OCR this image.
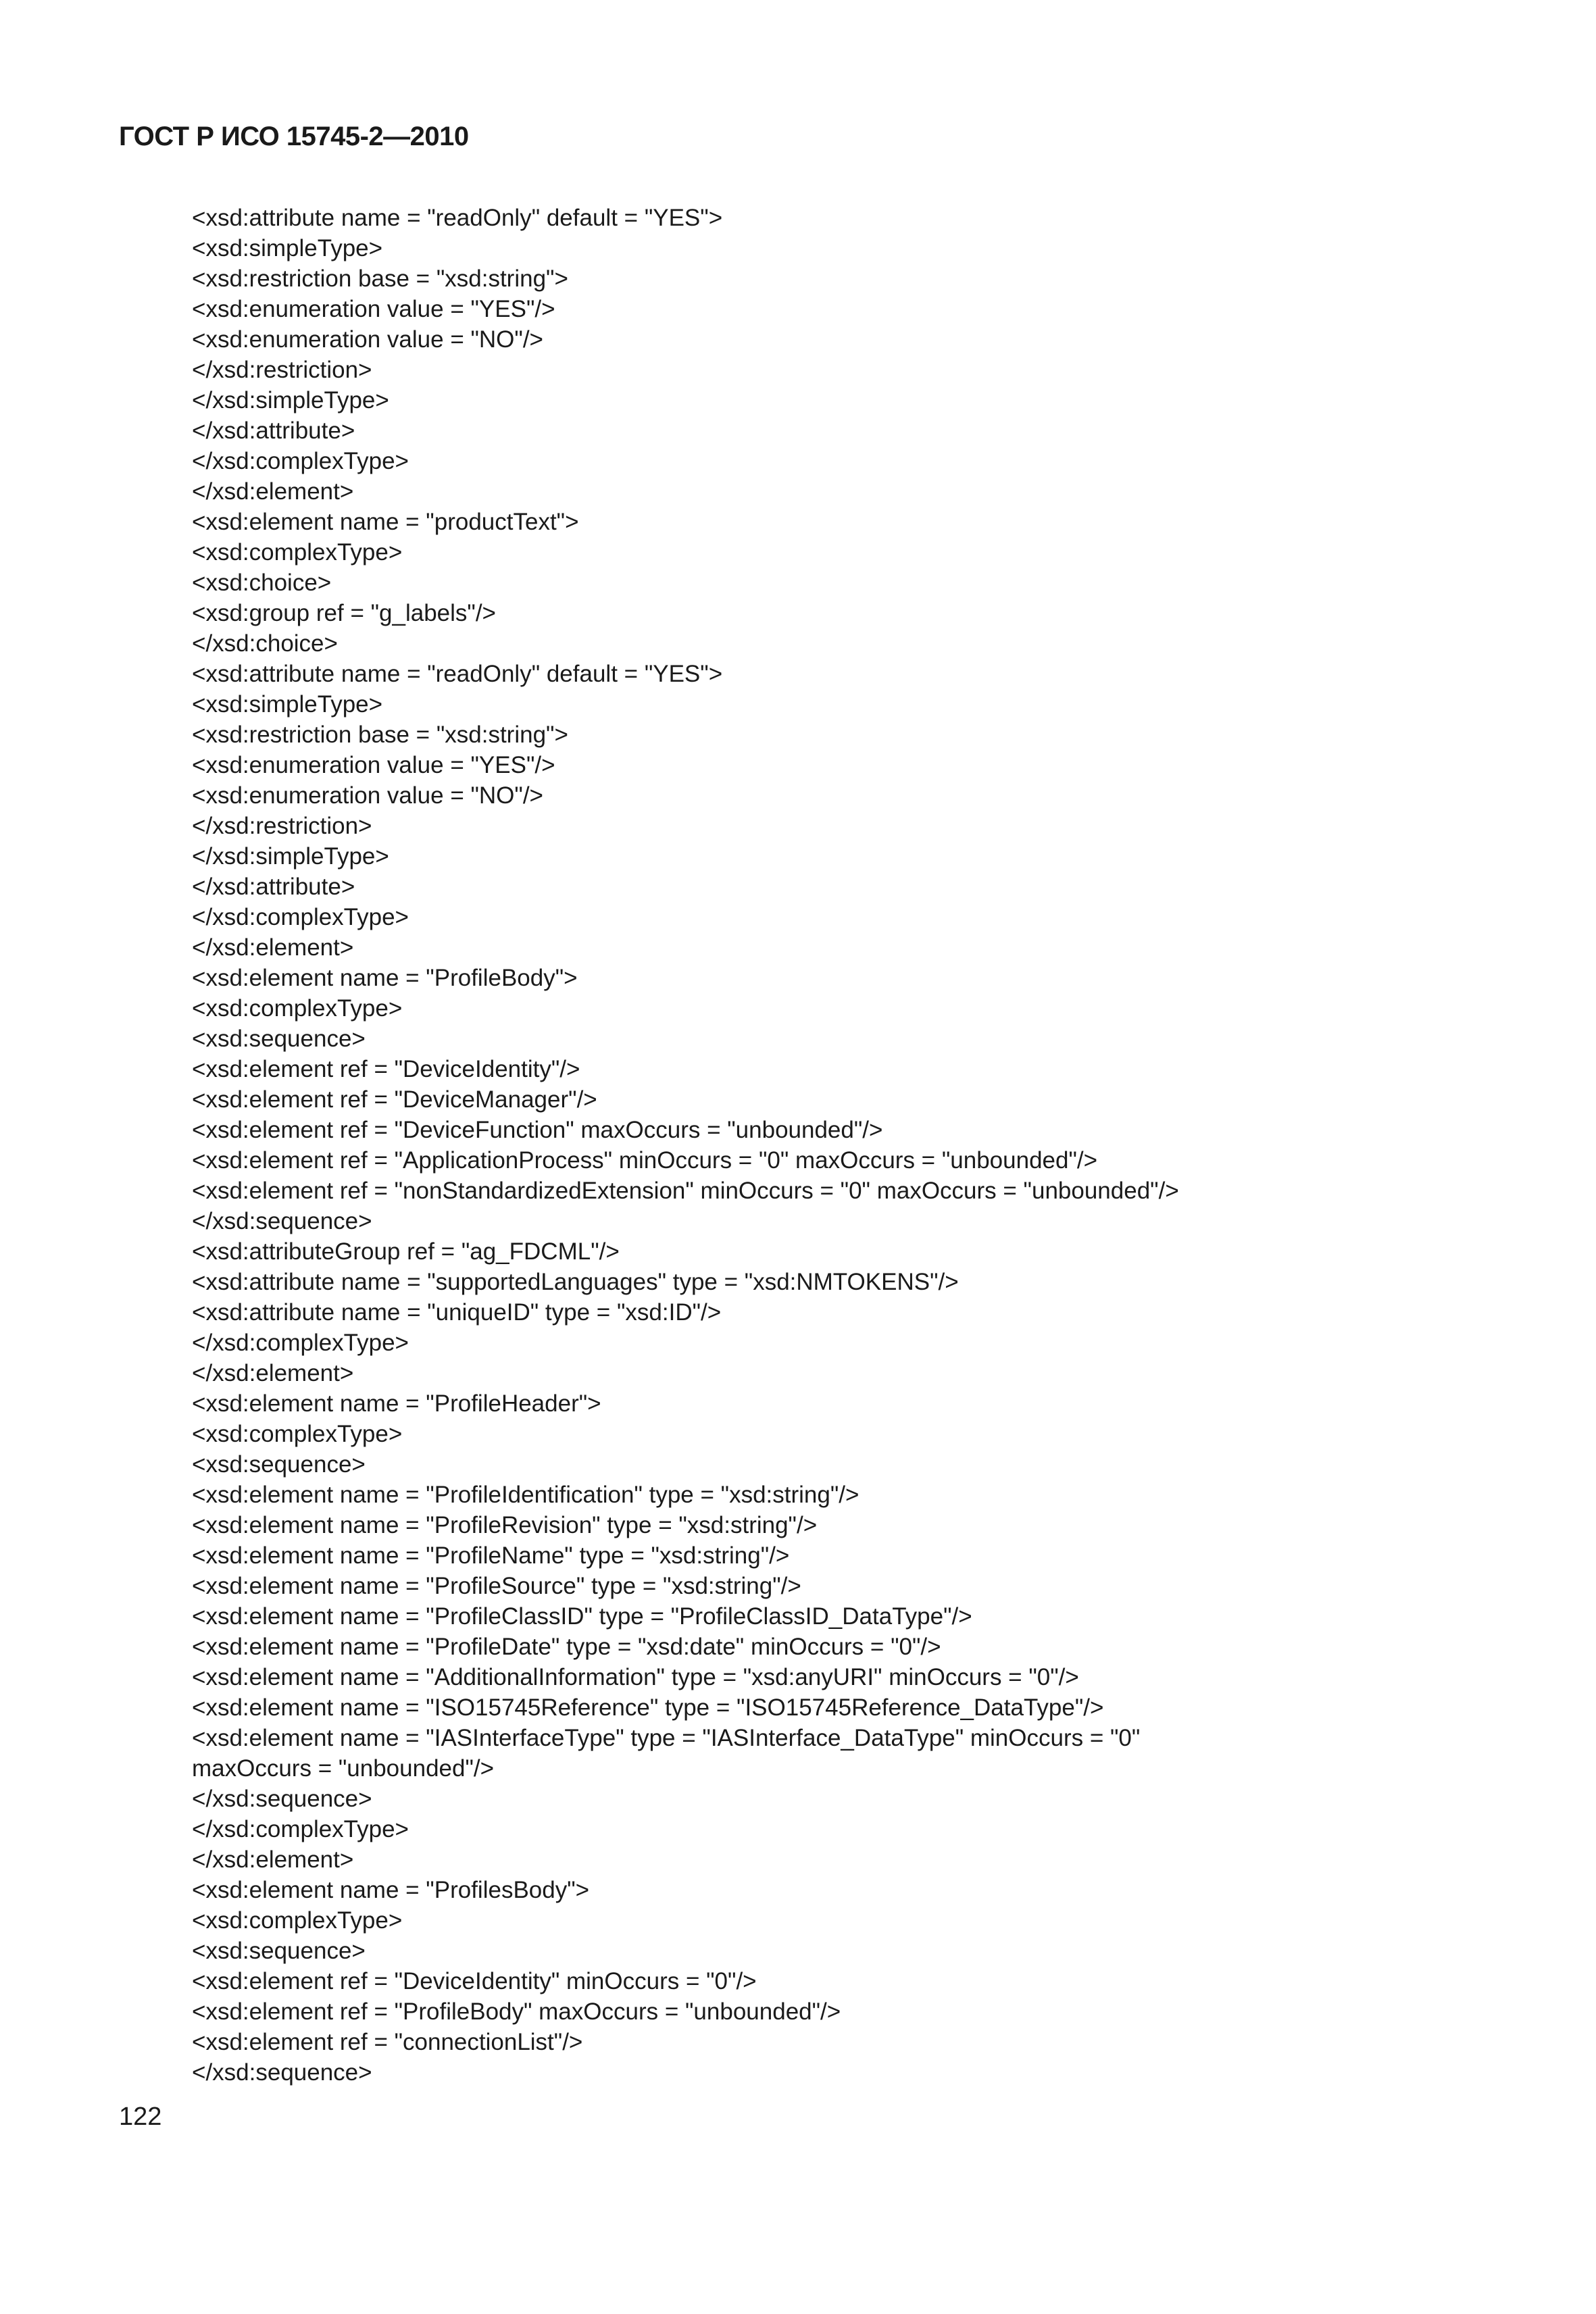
ГОСТ Р ИСО 15745-2—2010
<xsd:attribute name = "readOnly" default = "YES">
<xsd:simpleType>
<xsd:restriction base = "xsd:string">
<xsd:enumeration value = "YES"/>
<xsd:enumeration value = "NO"/>
</xsd:restriction>
</xsd:simpleType>
</xsd:attribute>
</xsd:complexType>
</xsd:element>
<xsd:element name = "productText">
<xsd:complexType>
<xsd:choice>
<xsd:group ref = "g_labels"/>
</xsd:choice>
<xsd:attribute name = "readOnly" default = "YES">
<xsd:simpleType>
<xsd:restriction base = "xsd:string">
<xsd:enumeration value = "YES"/>
<xsd:enumeration value = "NO"/>
</xsd:restriction>
</xsd:simpleType>
</xsd:attribute>
</xsd:complexType>
</xsd:element>
<xsd:element name = "ProfileBody">
<xsd:complexType>
<xsd:sequence>
<xsd:element ref = "DeviceIdentity"/>
<xsd:element ref = "DeviceManager"/>
<xsd:element ref = "DeviceFunction" maxOccurs = "unbounded"/>
<xsd:element ref = "ApplicationProcess" minOccurs = "0" maxOccurs = "unbounded"/>
<xsd:element ref = "nonStandardizedExtension" minOccurs = "0" maxOccurs = "unbounded"/>
</xsd:sequence>
<xsd:attributeGroup ref = "ag_FDCML"/>
<xsd:attribute name = "supportedLanguages" type = "xsd:NMTOKENS"/>
<xsd:attribute name = "uniqueID" type = "xsd:ID"/>
</xsd:complexType>
</xsd:element>
<xsd:element name = "ProfileHeader">
<xsd:complexType>
<xsd:sequence>
<xsd:element name = "ProfileIdentification" type = "xsd:string"/>
<xsd:element name = "ProfileRevision" type = "xsd:string"/>
<xsd:element name = "ProfileName" type = "xsd:string"/>
<xsd:element name = "ProfileSource" type = "xsd:string"/>
<xsd:element name = "ProfileClassID" type = "ProfileClassID_DataType"/>
<xsd:element name = "ProfileDate" type = "xsd:date" minOccurs = "0"/>
<xsd:element name = "AdditionalInformation" type = "xsd:anyURI" minOccurs = "0"/>
<xsd:element name = "ISO15745Reference" type = "ISO15745Reference_DataType"/>
<xsd:element name = "IASInterfaceType" type = "IASInterface_DataType" minOccurs = "0"
maxOccurs = "unbounded"/>
</xsd:sequence>
</xsd:complexType>
</xsd:element>
<xsd:element name = "ProfilesBody">
<xsd:complexType>
<xsd:sequence>
<xsd:element ref = "DeviceIdentity" minOccurs = "0"/>
<xsd:element ref = "ProfileBody" maxOccurs = "unbounded"/>
<xsd:element ref = "connectionList"/>
</xsd:sequence>
122
